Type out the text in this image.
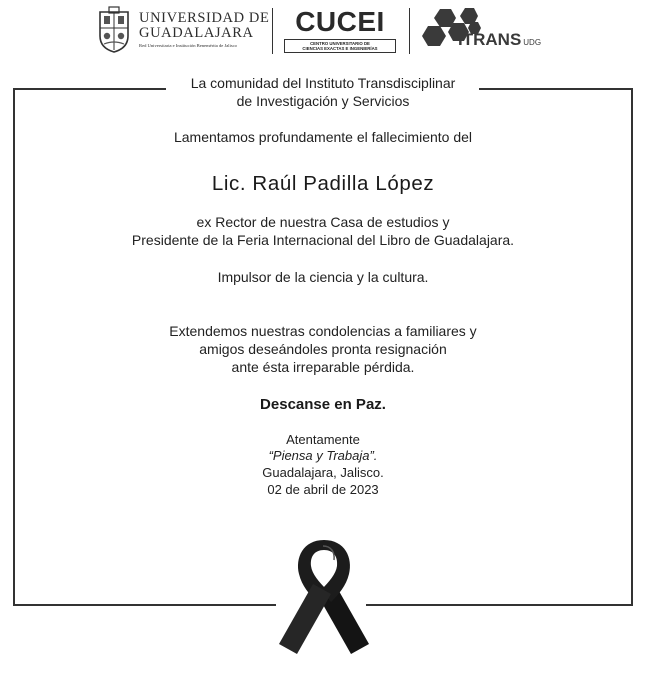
UNIVERSIDAD DE
GUADALAJARA
Red Universitaria e Institución Benemérita de Jalisco
CUCEI
CENTRO UNIVERSITARIO DE
CIENCIAS EXACTAS E INGENIERÍAS	ITRANS UDG
La comunidad del Instituto Transdisciplinar
de Investigación y Servicios
Lamentamos profundamente el fallecimiento del
Lic. Raúl Padilla López
ex Rector de nuestra Casa de estudios y
Presidente de la Feria Internacional del Libro de Guadalajara.
Impulsor de la ciencia y la cultura.
Extendemos nuestras condolencias a familiares y
amigos deseándoles pronta resignación
ante ésta irreparable pérdida.
Descanse en Paz.
Atentamente
“Piensa y Trabaja”.
Guadalajara, Jalisco.
02 de abril de 2023
